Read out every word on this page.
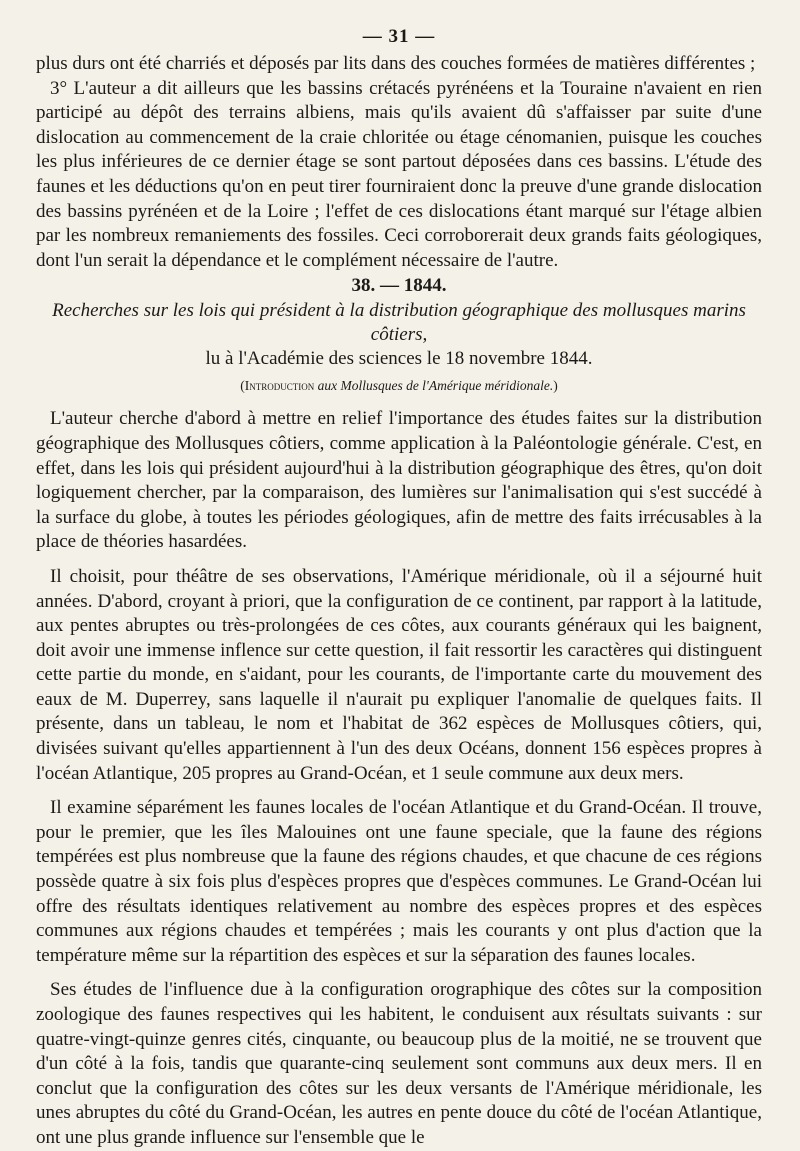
— 31 —

plus durs ont été charriés et déposés par lits dans des couches formées de matières différentes ;

3° L'auteur a dit ailleurs que les bassins crétacés pyrénéens et la Touraine n'avaient en rien participé au dépôt des terrains albiens, mais qu'ils avaient dû s'affaisser par suite d'une dislocation au commencement de la craie chloritée ou étage cénomanien, puisque les couches les plus inférieures de ce dernier étage se sont partout déposées dans ces bassins. L'étude des faunes et les déductions qu'on en peut tirer fourniraient donc la preuve d'une grande dislocation des bassins pyrénéen et de la Loire ; l'effet de ces dislocations étant marqué sur l'étage albien par les nombreux remaniements des fossiles. Ceci corroborerait deux grands faits géologiques, dont l'un serait la dépendance et le complément nécessaire de l'autre.

38. — 1844.
Recherches sur les lois qui président à la distribution géographique des mollusques marins côtiers,
lu à l'Académie des sciences le 18 novembre 1844.
(Introduction aux Mollusques de l'Amérique méridionale.)

L'auteur cherche d'abord à mettre en relief l'importance des études faites sur la distribution géographique des Mollusques côtiers, comme application à la Paléontologie générale. C'est, en effet, dans les lois qui président aujourd'hui à la distribution géographique des êtres, qu'on doit logiquement chercher, par la comparaison, des lumières sur l'animalisation qui s'est succédé à la surface du globe, à toutes les périodes géologiques, afin de mettre des faits irrécusables à la place de théories hasardées.

Il choisit, pour théâtre de ses observations, l'Amérique méridionale, où il a séjourné huit années. D'abord, croyant à priori, que la configuration de ce continent, par rapport à la latitude, aux pentes abruptes ou très-prolongées de ces côtes, aux courants généraux qui les baignent, doit avoir une immense inflence sur cette question, il fait ressortir les caractères qui distinguent cette partie du monde, en s'aidant, pour les courants, de l'importante carte du mouvement des eaux de M. Duperrey, sans laquelle il n'aurait pu expliquer l'anomalie de quelques faits. Il présente, dans un tableau, le nom et l'habitat de 362 espèces de Mollusques côtiers, qui, divisées suivant qu'elles appartiennent à l'un des deux Océans, donnent 156 espèces propres à l'océan Atlantique, 205 propres au Grand-Océan, et 1 seule commune aux deux mers.

Il examine séparément les faunes locales de l'océan Atlantique et du Grand-Océan. Il trouve, pour le premier, que les îles Malouines ont une faune speciale, que la faune des régions tempérées est plus nombreuse que la faune des régions chaudes, et que chacune de ces régions possède quatre à six fois plus d'espèces propres que d'espèces communes. Le Grand-Océan lui offre des résultats identiques relativement au nombre des espèces propres et des espèces communes aux régions chaudes et tempérées ; mais les courants y ont plus d'action que la température même sur la répartition des espèces et sur la séparation des faunes locales.

Ses études de l'influence due à la configuration orographique des côtes sur la composition zoologique des faunes respectives qui les habitent, le conduisent aux résultats suivants : sur quatre-vingt-quinze genres cités, cinquante, ou beaucoup plus de la moitié, ne se trouvent que d'un côté à la fois, tandis que quarante-cinq seulement sont communs aux deux mers. Il en conclut que la configuration des côtes sur les deux versants de l'Amérique méridionale, les unes abruptes du côté du Grand-Océan, les autres en pente douce du côté de l'océan Atlantique, ont une plus grande influence sur l'ensemble que le
